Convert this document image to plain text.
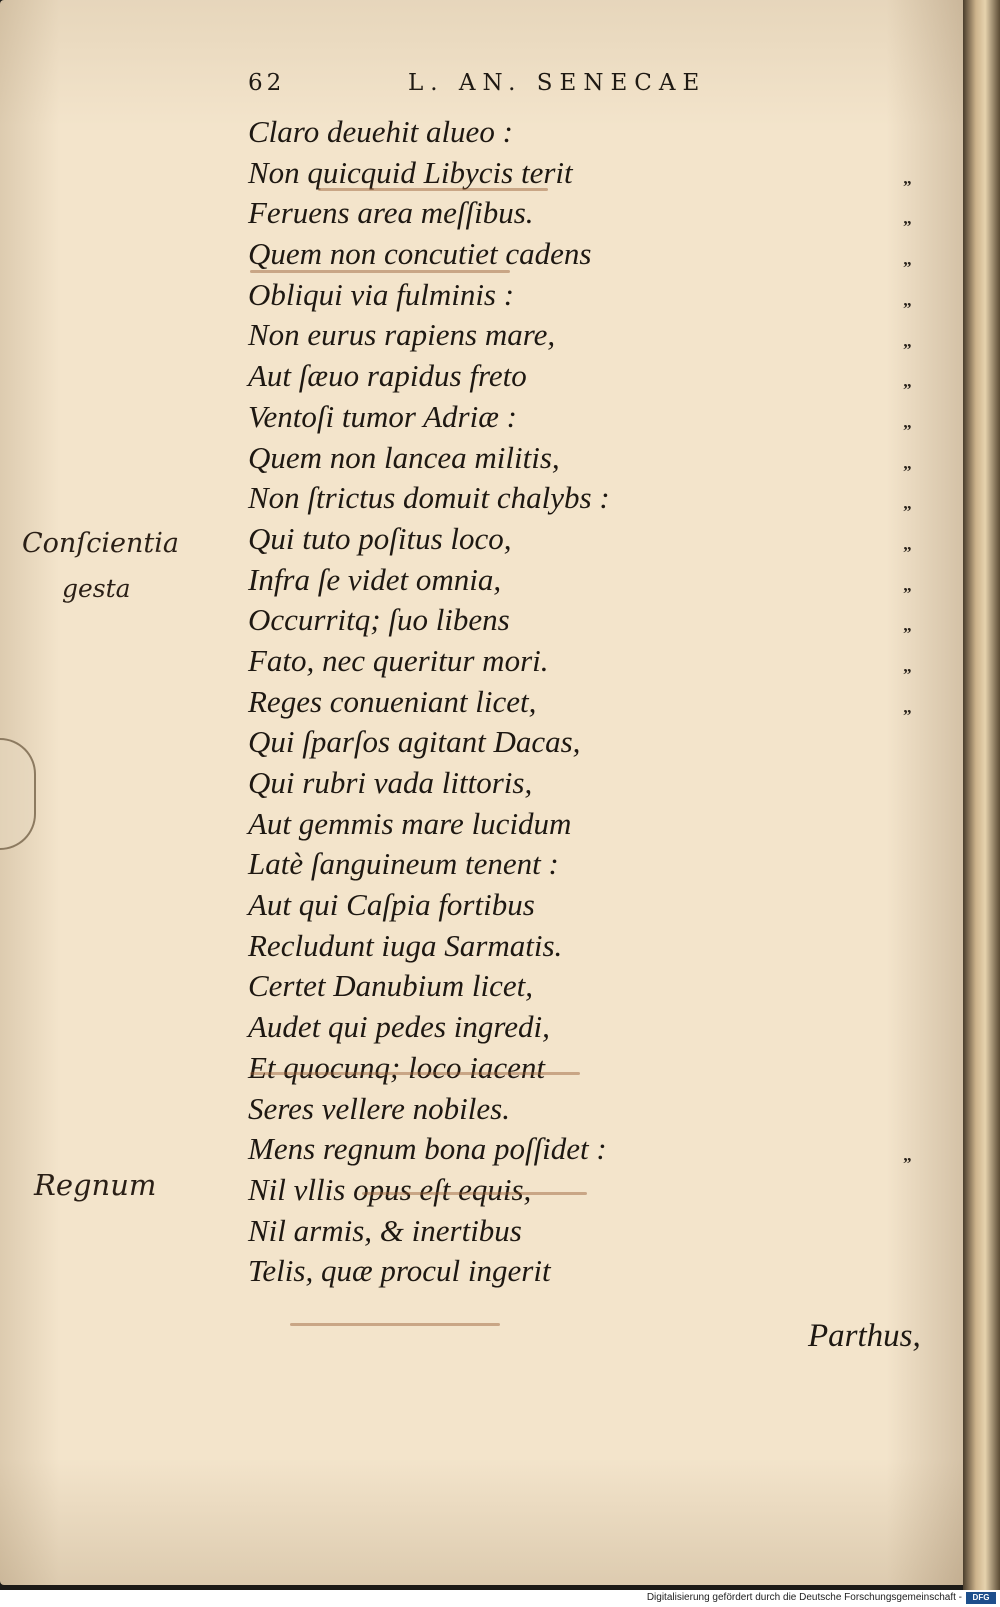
62	L. AN. SENECAE
Claro deuehit alueo :
Non quicquid Libycis terit
Feruens area meſſibus.
Quem non concutiet cadens
Obliqui via fulminis :
Non eurus rapiens mare,
Aut ſæuo rapidus freto
Ventoſi tumor Adriæ :
Quem non lancea militis,
Non ſtrictus domuit chalybs :
Qui tuto poſitus loco,
Infra ſe videt omnia,
Occurritq; ſuo libens
Fato, nec queritur mori.
Reges conueniant licet,
Qui ſparſos agitant Dacas,
Qui rubri vada littoris,
Aut gemmis mare lucidum
Latè ſanguineum tenent :
Aut qui Caſpia fortibus
Recludunt iuga Sarmatis.
Certet Danubium licet,
Audet qui pedes ingredi,
Et quocunq; loco iacent
Seres vellere nobiles.
Mens regnum bona poſſidet :
Nil vllis opus eſt equis,
Nil armis, & inertibus
Telis, quæ procul ingerit
”
”
”
”
”
”
”
”
”
”
”
”
”
”
”
Conſcientia
gesta
Regnum
Parthus,
Digitalisierung gefördert durch die Deutsche Forschungsgemeinschaft -	DFG
